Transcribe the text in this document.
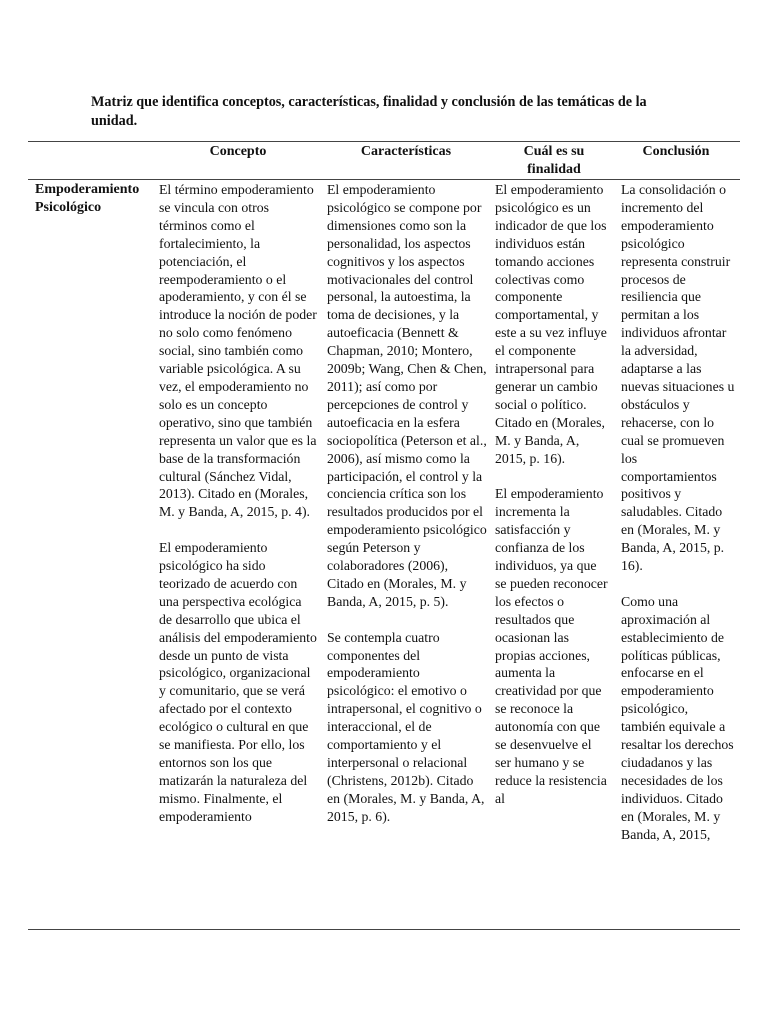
Matriz que identifica conceptos, características, finalidad y conclusión de las temáticas de la unidad.
Concepto	Características	Cuál es su finalidad
Conclusión
Empoderamiento Psicológico

El término empoderamiento se vincula con otros términos como el fortalecimiento, la potenciación, el reempoderamiento o el apoderamiento, y con él se introduce la noción de poder no solo como fenómeno social, sino también como variable psicológica. A su vez, el empoderamiento no solo es un concepto operativo, sino que también representa un valor que es la base de la transformación cultural (Sánchez Vidal, 2013). Citado en (Morales, M. y Banda, A, 2015, p. 4).

El empoderamiento psicológico ha sido teorizado de acuerdo con una perspectiva ecológica de desarrollo que ubica el análisis del empoderamiento desde un punto de vista psicológico, organizacional y comunitario, que se verá afectado por el contexto ecológico o cultural en que se manifiesta. Por ello, los entornos son los que matizarán la naturaleza del mismo. Finalmente, el empoderamiento

El empoderamiento psicológico se compone por dimensiones como son la personalidad, los aspectos cognitivos y los aspectos motivacionales del control personal, la autoestima, la toma de decisiones, y la autoeficacia (Bennett & Chapman, 2010; Montero, 2009b; Wang, Chen & Chen, 2011); así como por percepciones de control y autoeficacia en la esfera sociopolítica (Peterson et al., 2006), así mismo como la participación, el control y la conciencia crítica son los resultados producidos por el empoderamiento psicológico según Peterson y colaboradores (2006), Citado en (Morales, M. y Banda, A, 2015, p. 5).

Se contempla cuatro componentes del empoderamiento psicológico: el emotivo o intrapersonal, el cognitivo o interaccional, el de comportamiento y el interpersonal o relacional (Christens, 2012b). Citado en (Morales, M. y Banda, A, 2015, p. 6).

El empoderamiento psicológico es un indicador de que los individuos están tomando acciones colectivas como componente comportamental, y este a su vez influye el componente intrapersonal para generar un cambio social o político. Citado en (Morales, M. y Banda, A, 2015, p. 16).

El empoderamiento incrementa la satisfacción y confianza de los individuos, ya que se pueden reconocer los efectos o resultados que ocasionan las propias acciones, aumenta la creatividad por que se reconoce la autonomía con que se desenvuelve el ser humano y se reduce la resistencia al

La consolidación o incremento del empoderamiento psicológico representa construir procesos de resiliencia que permitan a los individuos afrontar la adversidad, adaptarse a las nuevas situaciones u obstáculos y rehacerse, con lo cual se promueven los comportamientos positivos y saludables. Citado en (Morales, M. y Banda, A, 2015, p. 16).

Como una aproximación al establecimiento de políticas públicas, enfocarse en el empoderamiento psicológico, también equivale a resaltar los derechos ciudadanos y las necesidades de los individuos. Citado en (Morales, M. y Banda, A, 2015,
